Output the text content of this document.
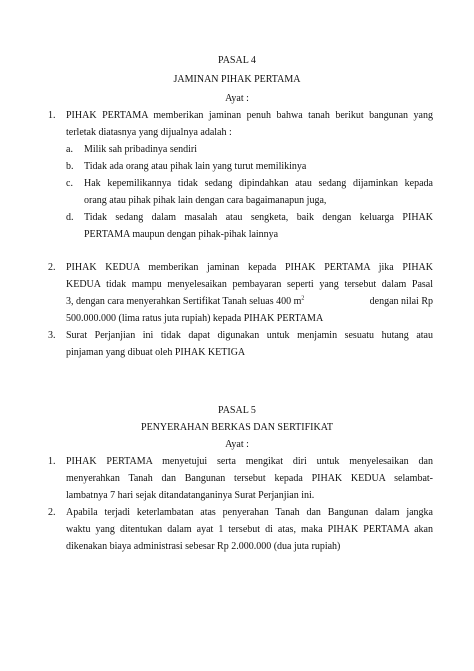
PASAL 4
JAMINAN PIHAK PERTAMA
Ayat :
1. PIHAK PERTAMA memberikan jaminan penuh bahwa tanah berikut bangunan yang
terletak diatasnya yang dijualnya adalah :
a. Milik sah pribadinya sendiri
b. Tidak ada orang atau pihak lain yang turut memilikinya
c. Hak kepemilikannya tidak sedang dipindahkan atau sedang dijaminkan kepada
orang atau pihak pihak lain dengan cara bagaimanapun juga,
d. Tidak sedang dalam masalah atau sengketa, baik dengan keluarga PIHAK
PERTAMA maupun dengan pihak-pihak lainnya
2. PIHAK KEDUA memberikan jaminan kepada PIHAK PERTAMA jika PIHAK
KEDUA tidak mampu menyelesaikan pembayaran seperti yang tersebut dalam Pasal
3, dengan cara menyerahkan Sertifikat Tanah seluas 400 $m^2$	dengan nilai Rp
500.000.000 (lima ratus juta rupiah) kepada PIHAK PERTAMA
3. Surat Perjanjian ini tidak dapat digunakan untuk menjamin sesuatu hutang atau
pinjaman yang dibuat oleh PIHAK KETIGA
PASAL 5
PENYERAHAN BERKAS DAN SERTIFIKAT
Ayat :
1. PIHAK PERTAMA menyetujui serta mengikat diri untuk menyelesaikan dan
menyerahkan Tanah dan Bangunan tersebut kepada PIHAK KEDUA selambat-
lambatnya 7 hari sejak ditandatanganinya Surat Perjanjian ini.
2. Apabila terjadi keterlambatan atas penyerahan Tanah dan Bangunan dalam jangka
waktu yang ditentukan dalam ayat 1 tersebut di atas, maka PIHAK PERTAMA akan
dikenakan biaya administrasi sebesar Rp 2.000.000 (dua juta rupiah)
